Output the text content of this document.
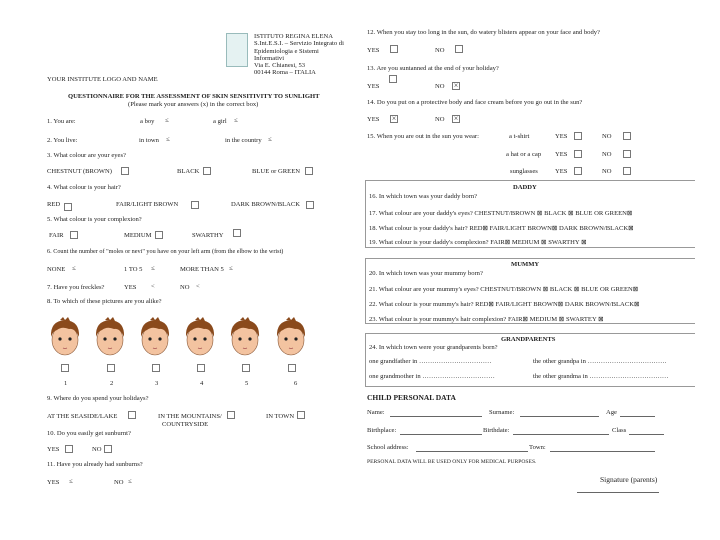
ISTITUTO REGINA ELENA
S.Int.E.S.I. – Servizio Integrato di
Epidemiologia e Sistemi
Informativi
Via E. Chianesi, 53
00144 Roma – ITALIA
YOUR INSTITUTE LOGO AND NAME
QUESTIONNAIRE FOR THE ASSESSMENT OF SKIN SENSITIVITY TO SUNLIGHT
(Please mark your answers (x) in the correct box)
1. You are:	a boy ≤	a girl ≤
2. You live:	in town ≤	in the country ≤
3. What colour are your eyes?
CHESTNUT (BROWN)	BLACK	BLUE or GREEN
4. What colour is your hair?
RED	FAIR/LIGHT BROWN	DARK BROWN/BLACK
5. What colour is your complexion?
FAIR	MEDIUM	SWARTHY
6. Count the number of "moles or nevi" you have on your left arm (from the elbow to the wrist)
NONE ≤	1 TO 5 ≤	MORE THAN 5 ≤
7. Have you freckles?	YES <	NO <
8. To which of these pictures are you alike?
1	2	3	4	5	6
9. Where do you spend your holidays?
AT THE SEASIDE/LAKE	IN THE MOUNTAINS/
COUNTRYSIDE
IN TOWN
10. Do you easily get sunburnt?
YES	NO
11. Have you already had sunburns?
YES ≤	NO ≤
12. When you stay too long in the sun, do watery blisters appear on your face and body?
YES	NO
13. Are you suntanned at the end of your holiday?
YES	NO ×
14. Do you put on a protective body and face cream before you go out in the sun?
YES ×	NO ×
15. When you are out in the sun you wear:	a t-shirt	YES	NO
a hat or a cap YES	NO
sunglasses	YES	NO
DADDY
16. In which town was your daddy born?
17. What colour are your daddy's eyes? CHESTNUT/BROWN ⊠ BLACK ⊠ BLUE OR GREEN⊠
18. What colour is your daddy's hair? RED⊠ FAIR/LIGHT BROWN⊠ DARK BROWN/BLACK⊠
19. What colour is your daddy's complexion? FAIR⊠ MEDIUM ⊠ SWARTHY ⊠
MUMMY
20. In which town was your mummy born?
21. What colour are your mummy's eyes? CHESTNUT/BROWN ⊠ BLACK ⊠ BLUE OR GREEN⊠
22. What colour is your mummy's hair? RED⊠ FAIR/LIGHT BROWN⊠ DARK BROWN/BLACK⊠
23. What colour is your mummy's hair complexion? FAIR⊠ MEDIUM ⊠ SWARTEY ⊠
GRANDPARENTS
24. In which town were your grandparents born?
one grandfather in ……………………………	the other grandpa in ………………………………
one grandmother in ……………………………	the other grandma in ………………………………
CHILD PERSONAL DATA
Name:	Surname:	Age
Birthplace:	Birthdate:	Class
School address:	Town:
PERSONAL DATA WILL BE USED ONLY FOR MEDICAL PURPOSES.
Signature (parents)
